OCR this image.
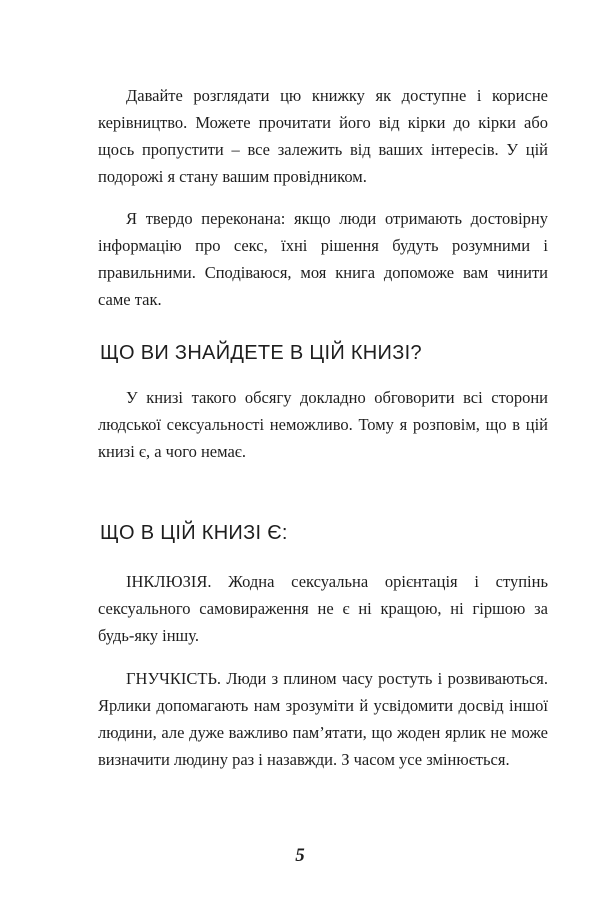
Давайте розглядати цю книжку як доступне і корисне керівництво. Можете прочитати його від кірки до кірки або щось пропустити – все залежить від ваших інтересів. У цій подорожі я стану вашим провідником.

Я твердо переконана: якщо люди отримають достовірну інформацію про секс, їхні рішення будуть розумними і правильними. Сподіваюся, моя книга допоможе вам чинити саме так.

ЩО ВИ ЗНАЙДЕТЕ В ЦІЙ КНИЗІ?

У книзі такого обсягу докладно обговорити всі сторони людської сексуальності неможливо. Тому я розповім, що в цій книзі є, а чого немає.

ЩО В ЦІЙ КНИЗІ Є:

ІНКЛЮЗІЯ. Жодна сексуальна орієнтація і ступінь сексуального самовираження не є ні кращою, ні гіршою за будь-яку іншу.

ГНУЧКІСТЬ. Люди з плином часу ростуть і розвиваються. Ярлики допомагають нам зрозуміти й усвідомити досвід іншої людини, але дуже важливо пам’ятати, що жоден ярлик не може визначити людину раз і назавжди. З часом усе змінюється.

5
